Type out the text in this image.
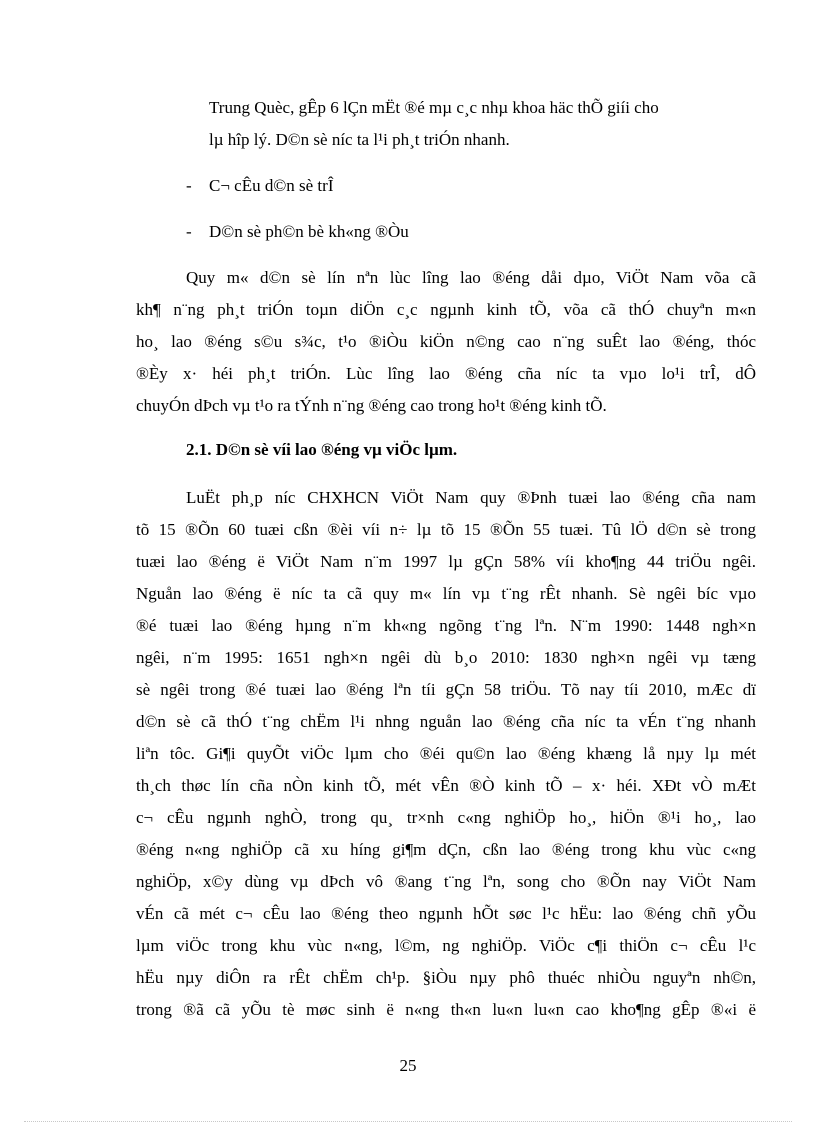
Trung Quèc, gÊp 6 lÇn mËt ®é mµ c¸c nhµ khoa häc thÕ giíi cho
lµ hîp lý. D©n sè níc ta l¹i ph¸t triÓn nhanh.
- C¬ cÊu d©n sè trÎ
- D©n sè ph©n bè kh«ng ®Òu
Quy m« d©n sè lín nªn lùc lîng lao ®éng dåi dµo, ViÖt Nam võa cã
kh¶ n¨ng ph¸t triÓn toµn diÖn c¸c ngµnh kinh tÕ, võa cã thÓ chuyªn m«n
ho¸ lao ®éng s©u s¾c, t¹o ®iÒu kiÖn n©ng cao n¨ng suÊt lao ®éng, thóc
®Èy x· héi ph¸t triÓn. Lùc lîng lao ®éng cña níc ta vµo lo¹i trÎ, dÔ
chuyÓn dÞch vµ t¹o ra tÝnh n¨ng ®éng cao trong ho¹t ®éng kinh tÕ.
2.1. D©n sè víi lao ®éng vµ viÖc lµm.
LuËt ph¸p níc CHXHCN ViÖt Nam quy ®Þnh tuæi lao ®éng cña nam
tõ 15 ®Õn 60 tuæi cßn ®èi víi n÷ lµ tõ 15 ®Õn 55 tuæi. Tû lÖ d©n sè trong
tuæi lao ®éng ë ViÖt Nam n¨m 1997 lµ gÇn 58% víi kho¶ng 44 triÖu ngêi.
Nguån lao ®éng ë níc ta cã quy m« lín vµ t¨ng rÊt nhanh. Sè ngêi bíc vµo
®é tuæi lao ®éng hµng n¨m kh«ng ngõng t¨ng lªn. N¨m 1990: 1448 ngh×n
ngêi, n¨m 1995: 1651 ngh×n ngêi dù b¸o 2010: 1830 ngh×n ngêi vµ tæng
sè ngêi trong ®é tuæi lao ®éng lªn tíi gÇn 58 triÖu. Tõ nay tíi 2010, mÆc dï
d©n sè cã thÓ t¨ng chËm l¹i nhng nguån lao ®éng cña níc ta vÉn t¨ng nhanh
liªn tôc. Gi¶i quyÕt viÖc lµm cho ®éi qu©n lao ®éng khæng lå nµy lµ mét
th¸ch thøc lín cña nÒn kinh tÕ, mét vÊn ®Ò kinh tÕ – x· héi. XÐt vÒ mÆt
c¬ cÊu ngµnh nghÒ, trong qu¸ tr×nh c«ng nghiÖp ho¸, hiÖn ®¹i ho¸, lao
®éng n«ng nghiÖp cã xu híng gi¶m dÇn, cßn lao ®éng trong khu vùc c«ng
nghiÖp, x©y dùng vµ dÞch vô ®ang t¨ng lªn, song cho ®Õn nay ViÖt Nam
vÉn cã mét c¬ cÊu lao ®éng theo ngµnh hÕt søc l¹c hËu: lao ®éng chñ yÕu
lµm viÖc trong khu vùc n«ng, l©m, ng nghiÖp. ViÖc c¶i thiÖn c¬ cÊu l¹c
hËu nµy diÔn ra rÊt chËm ch¹p. §iÒu nµy phô thuéc nhiÒu nguyªn nh©n,
trong ®ã cã yÕu tè møc sinh ë n«ng th«n lu«n lu«n cao kho¶ng gÊp ®«i ë
25
